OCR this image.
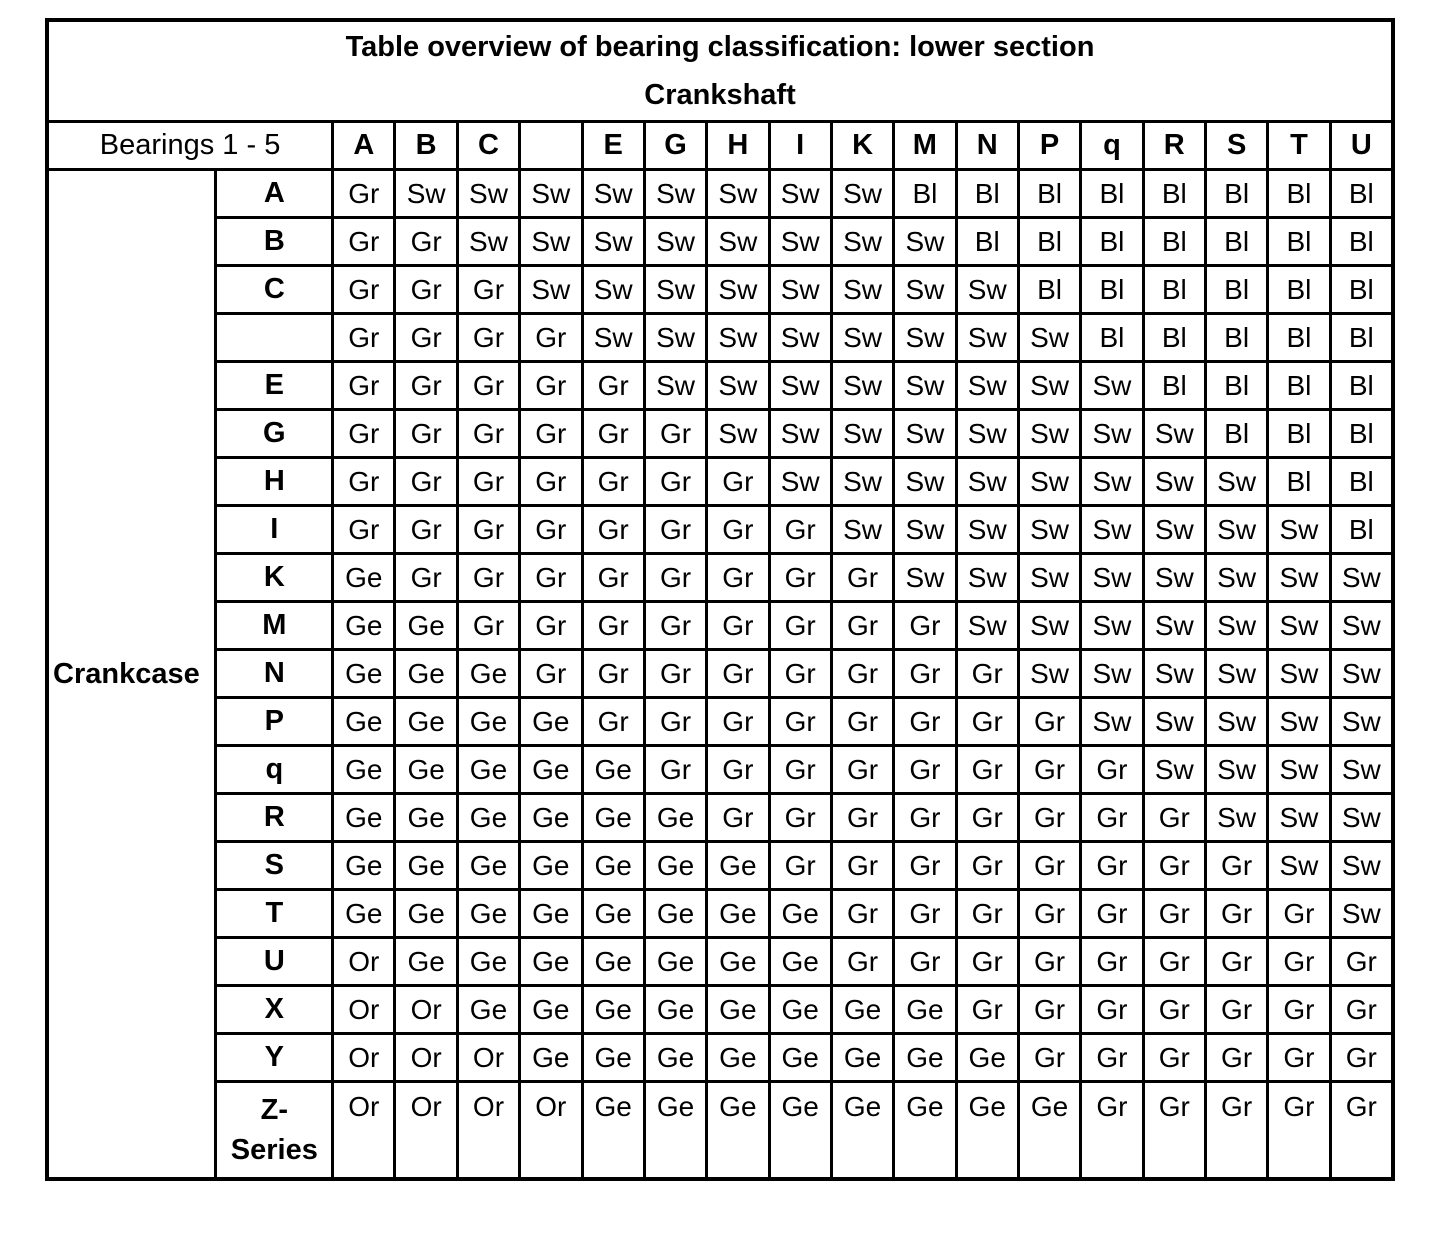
Table overview of bearing classification: lower section
Crankshaft																		

Bearings 1 - 5		A	B	C		E	G	H	I	K	M	N	P	q	R	S	T	U
Crankcase	A	Gr	Sw	Sw	Sw	Sw	Sw	Sw	Sw	Sw	Bl	Bl	Bl	Bl	Bl	Bl	Bl	Bl
	B	Gr	Gr	Sw	Sw	Sw	Sw	Sw	Sw	Sw	Sw	Bl	Bl	Bl	Bl	Bl	Bl	Bl
	C	Gr	Gr	Gr	Sw	Sw	Sw	Sw	Sw	Sw	Sw	Sw	Bl	Bl	Bl	Bl	Bl	Bl
		Gr	Gr	Gr	Gr	Sw	Sw	Sw	Sw	Sw	Sw	Sw	Sw	Bl	Bl	Bl	Bl	Bl
	E	Gr	Gr	Gr	Gr	Gr	Sw	Sw	Sw	Sw	Sw	Sw	Sw	Sw	Bl	Bl	Bl	Bl
	G	Gr	Gr	Gr	Gr	Gr	Gr	Sw	Sw	Sw	Sw	Sw	Sw	Sw	Sw	Bl	Bl	Bl
	H	Gr	Gr	Gr	Gr	Gr	Gr	Gr	Sw	Sw	Sw	Sw	Sw	Sw	Sw	Sw	Bl	Bl
	I	Gr	Gr	Gr	Gr	Gr	Gr	Gr	Gr	Sw	Sw	Sw	Sw	Sw	Sw	Sw	Sw	Bl
	K	Ge	Gr	Gr	Gr	Gr	Gr	Gr	Gr	Gr	Sw	Sw	Sw	Sw	Sw	Sw	Sw	Sw
	M	Ge	Ge	Gr	Gr	Gr	Gr	Gr	Gr	Gr	Gr	Sw	Sw	Sw	Sw	Sw	Sw	Sw
	N	Ge	Ge	Ge	Gr	Gr	Gr	Gr	Gr	Gr	Gr	Gr	Sw	Sw	Sw	Sw	Sw	Sw
	P	Ge	Ge	Ge	Ge	Gr	Gr	Gr	Gr	Gr	Gr	Gr	Gr	Sw	Sw	Sw	Sw	Sw
	q	Ge	Ge	Ge	Ge	Ge	Gr	Gr	Gr	Gr	Gr	Gr	Gr	Gr	Sw	Sw	Sw	Sw
	R	Ge	Ge	Ge	Ge	Ge	Ge	Gr	Gr	Gr	Gr	Gr	Gr	Gr	Gr	Sw	Sw	Sw
	S	Ge	Ge	Ge	Ge	Ge	Ge	Ge	Gr	Gr	Gr	Gr	Gr	Gr	Gr	Gr	Sw	Sw
	T	Ge	Ge	Ge	Ge	Ge	Ge	Ge	Ge	Gr	Gr	Gr	Gr	Gr	Gr	Gr	Gr	Sw
	U	Or	Ge	Ge	Ge	Ge	Ge	Ge	Ge	Gr	Gr	Gr	Gr	Gr	Gr	Gr	Gr	Gr
	X	Or	Or	Ge	Ge	Ge	Ge	Ge	Ge	Ge	Ge	Gr	Gr	Gr	Gr	Gr	Gr	Gr
	Y	Or	Or	Or	Ge	Ge	Ge	Ge	Ge	Ge	Ge	Ge	Gr	Gr	Gr	Gr	Gr	Gr
	Z-Series	Or	Or	Or	Or	Ge	Ge	Ge	Ge	Ge	Ge	Ge	Ge	Gr	Gr	Gr	Gr	Gr
